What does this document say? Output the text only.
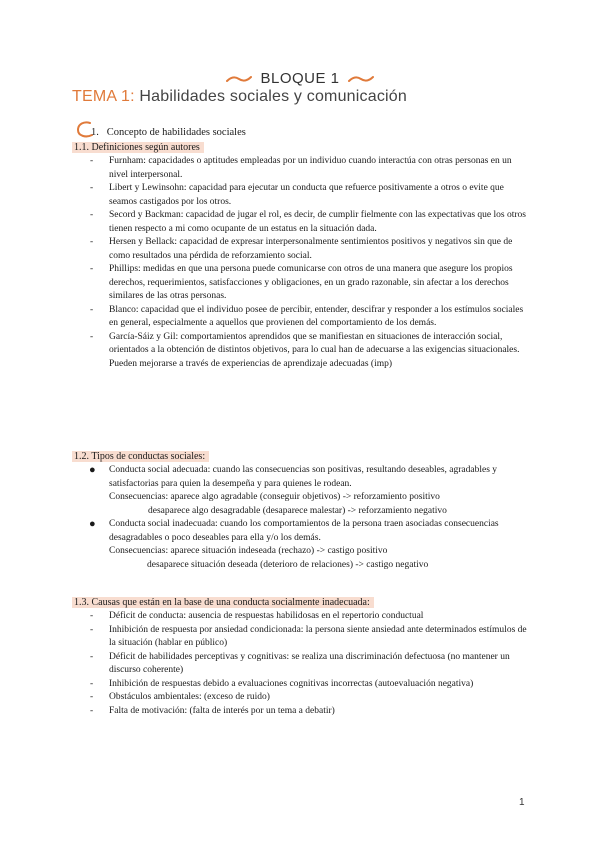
BLOQUE 1
TEMA 1: Habilidades sociales y comunicación
1. Concepto de habilidades sociales
1.1. Definiciones según autores
- Furnham: capacidades o aptitudes empleadas por un individuo cuando interactúa con otras personas en un nivel interpersonal.
- Libert y Lewinsohn: capacidad para ejecutar un conducta que refuerce positivamente a otros o evite que seamos castigados por los otros.
- Secord y Backman: capacidad de jugar el rol, es decir, de cumplir fielmente con las expectativas que los otros tienen respecto a mi como ocupante de un estatus en la situación dada.
- Hersen y Bellack: capacidad de expresar interpersonalmente sentimientos positivos y negativos sin que de como resultados una pérdida de reforzamiento social.
- Phillips: medidas en que una persona puede comunicarse con otros de una manera que asegure los propios derechos, requerimientos, satisfacciones y obligaciones, en un grado razonable, sin afectar a los derechos similares de las otras personas.
- Blanco: capacidad que el individuo posee de percibir, entender, descifrar y responder a los estímulos sociales en general, especialmente a aquellos que provienen del comportamiento de los demás.
- García-Sáiz y Gil: comportamientos aprendidos que se manifiestan en situaciones de interacción social, orientados a la obtención de distintos objetivos, para lo cual han de adecuarse a las exigencias situacionales. Pueden mejorarse a través de experiencias de aprendizaje adecuadas (imp)
1.2. Tipos de conductas sociales:
● Conducta social adecuada: cuando las consecuencias son positivas, resultando deseables, agradables y satisfactorias para quien la desempeña y para quienes le rodean.
Consecuencias: aparece algo agradable (conseguir objetivos) -> reforzamiento positivo
desaparece algo desagradable (desaparece malestar) -> reforzamiento negativo
● Conducta social inadecuada: cuando los comportamientos de la persona traen asociadas consecuencias desagradables o poco deseables para ella y/o los demás.
Consecuencias: aparece situación indeseada (rechazo) -> castigo positivo
desaparece situación deseada (deterioro de relaciones) -> castigo negativo
1.3. Causas que están en la base de una conducta socialmente inadecuada:
- Déficit de conducta: ausencia de respuestas habilidosas en el repertorio conductual
- Inhibición de respuesta por ansiedad condicionada: la persona siente ansiedad ante determinados estímulos de la situación (hablar en público)
- Déficit de habilidades perceptivas y cognitivas: se realiza una discriminación defectuosa (no mantener un discurso coherente)
- Inhibición de respuestas debido a evaluaciones cognitivas incorrectas (autoevaluación negativa)
- Obstáculos ambientales: (exceso de ruido)
- Falta de motivación: (falta de interés por un tema a debatir)
1
